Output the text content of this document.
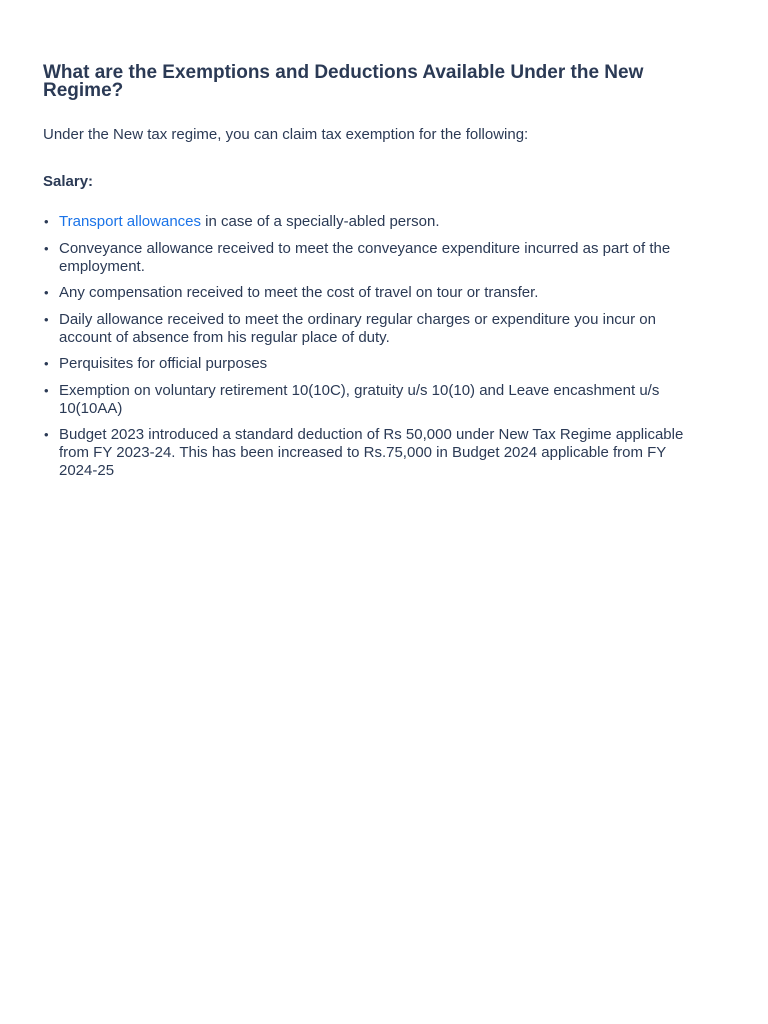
What are the Exemptions and Deductions Available Under the New Regime?

Under the New tax regime, you can claim tax exemption for the following:

Salary:

• Transport allowances in case of a specially-abled person.
• Conveyance allowance received to meet the conveyance expenditure incurred as part of the employment.
• Any compensation received to meet the cost of travel on tour or transfer.
• Daily allowance received to meet the ordinary regular charges or expenditure you incur on account of absence from his regular place of duty.
• Perquisites for official purposes
• Exemption on voluntary retirement 10(10C), gratuity u/s 10(10) and Leave encashment u/s 10(10AA)
• Budget 2023 introduced a standard deduction of Rs 50,000 under New Tax Regime applicable from FY 2023-24. This has been increased to Rs.75,000 in Budget 2024 applicable from FY 2024-25
